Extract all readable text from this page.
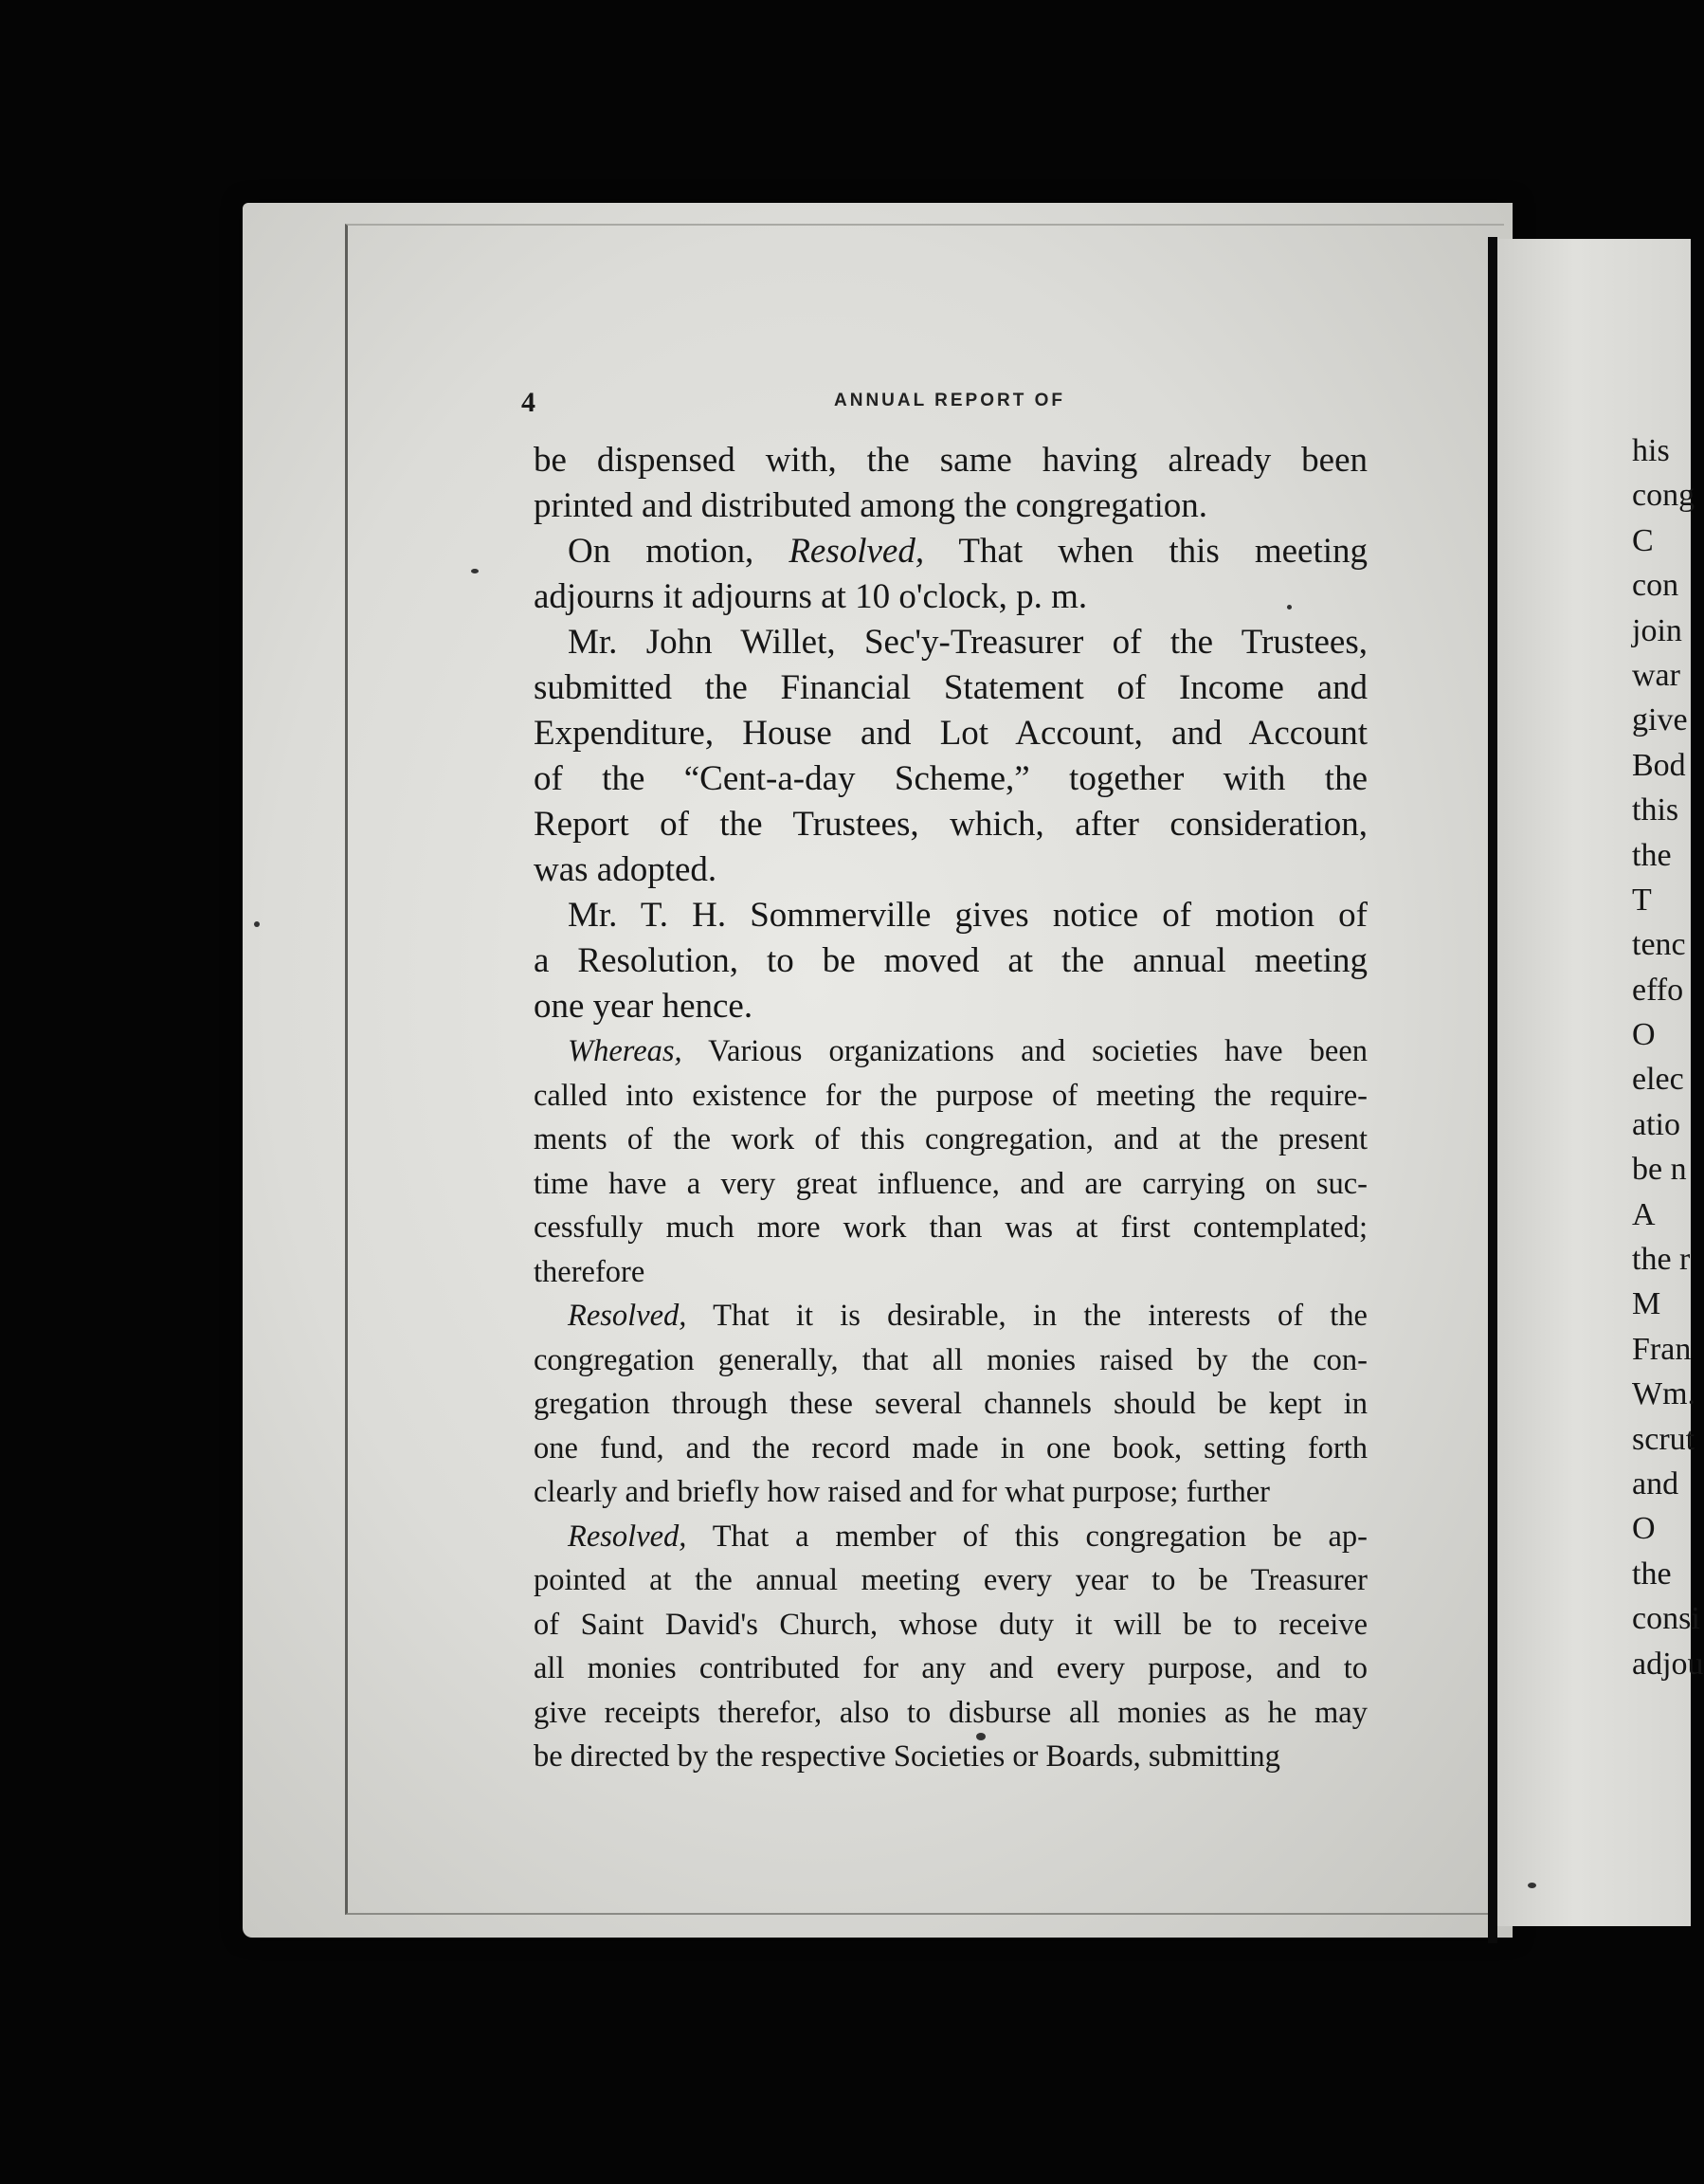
4	ANNUAL REPORT OF
be dispensed with, the same having already been
printed and distributed among the congregation.
On motion, Resolved, That when this meeting
adjourns it adjourns at 10 o'clock, p. m.
Mr. John Willet, Sec'y-Treasurer of the Trustees,
submitted the Financial Statement of Income and
Expenditure, House and Lot Account, and Account
of the “Cent-a-day Scheme,” together with the
Report of the Trustees, which, after consideration,
was adopted.
Mr. T. H. Sommerville gives notice of motion of
a Resolution, to be moved at the annual meeting
one year hence.
Whereas, Various organizations and societies have been
called into existence for the purpose of meeting the require-
ments of the work of this congregation, and at the present
time have a very great influence, and are carrying on suc-
cessfully much more work than was at first contemplated;
therefore
Resolved, That it is desirable, in the interests of the
congregation generally, that all monies raised by the con-
gregation through these several channels should be kept in
one fund, and the record made in one book, setting forth
clearly and briefly how raised and for what purpose; further
Resolved, That a member of this congregation be ap-
pointed at the annual meeting every year to be Treasurer
of Saint David's Church, whose duty it will be to receive
all monies contributed for any and every purpose, and to
give receipts therefor, also to disburse all monies as he may
be directed by the respective Societies or Boards, submitting
his
cong
C
con
join
war
give
Bod
this
the
T
tenc
effo
O
elec
atio
be n
A
the r
M
Fran
Wm.
scrut
and
O
the
consi
adjou
